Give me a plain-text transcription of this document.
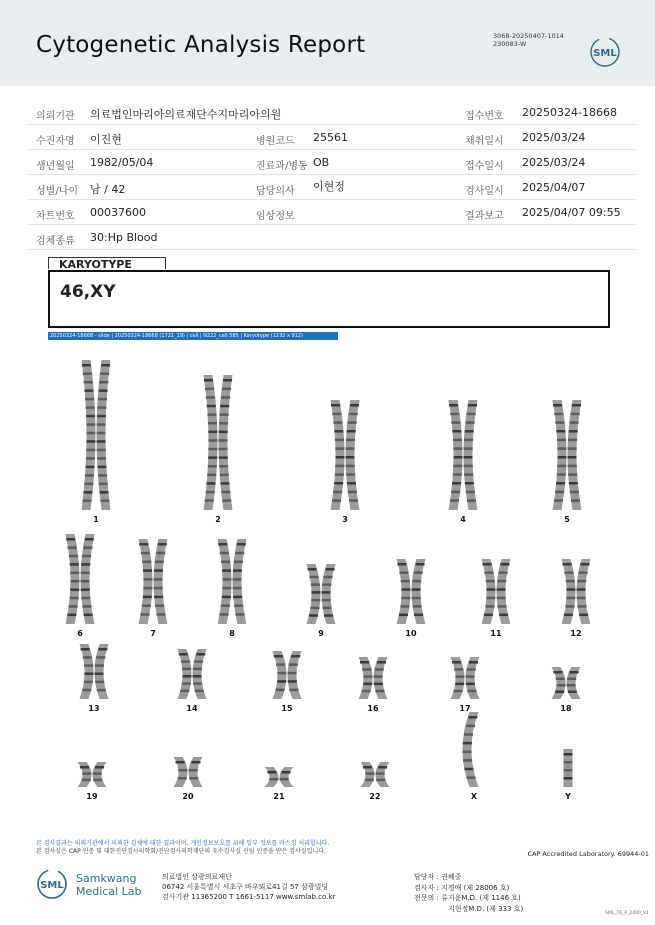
Cytogenetic Analysis Report	3068-20250407-1014
230083-W
SML
의뢰기관 의료법인마리아의료재단수지마리아의원	접수번호 20250324-18668
수진자명 이진현	병원코드 25561	채취일시 2025/03/24
생년월일 1982/05/04	진료과/병동 OB	접수일시 2025/03/24
성별/나이 남 / 42	담당의사 이현정	검사일시 2025/04/07
차트번호 00037600	임상정보	결과보고 2025/04/07 09:55
검체종류 30:Hp Blood
KARYOTYPE
46,XY
20250324-18668 - slide | 20250324-18668 (1721_19) | cell | N222_cell 585 | Karyotype (1232 x 912)
1	2	3	4	5
6	7	8	9	10	11	12
13	14	15	16	17	18
19	20	21	22	X	Y
본 검사결과는 의뢰기관에서 의뢰한 검체에 대한 결과이며, 개인정보보호를 위해 일부 정보를 마스킹 처리합니다.
본 검사실은 CAP 인증 및 대한진단검사의학회/진단검사의학재단의 우수검사실 신임 인증을 받은 검사실입니다.	CAP Accredited Laboratory. 69944-01
SML
Samkwang
Medical Lab
의료법인 삼광의료재단
06742 서울특별시 서초구 바우뫼로41길 57 삼광빌딩
검사기관 11365200 T 1661-5117 www.smlab.co.kr
담당자 : 권혜중
검사자 : 지경애 (제 28006 호)
전문의 : 류지윤M.D. (제 1146 호)
지현정M.D. (제 333 호)
SML_T6_P_2400_V1
